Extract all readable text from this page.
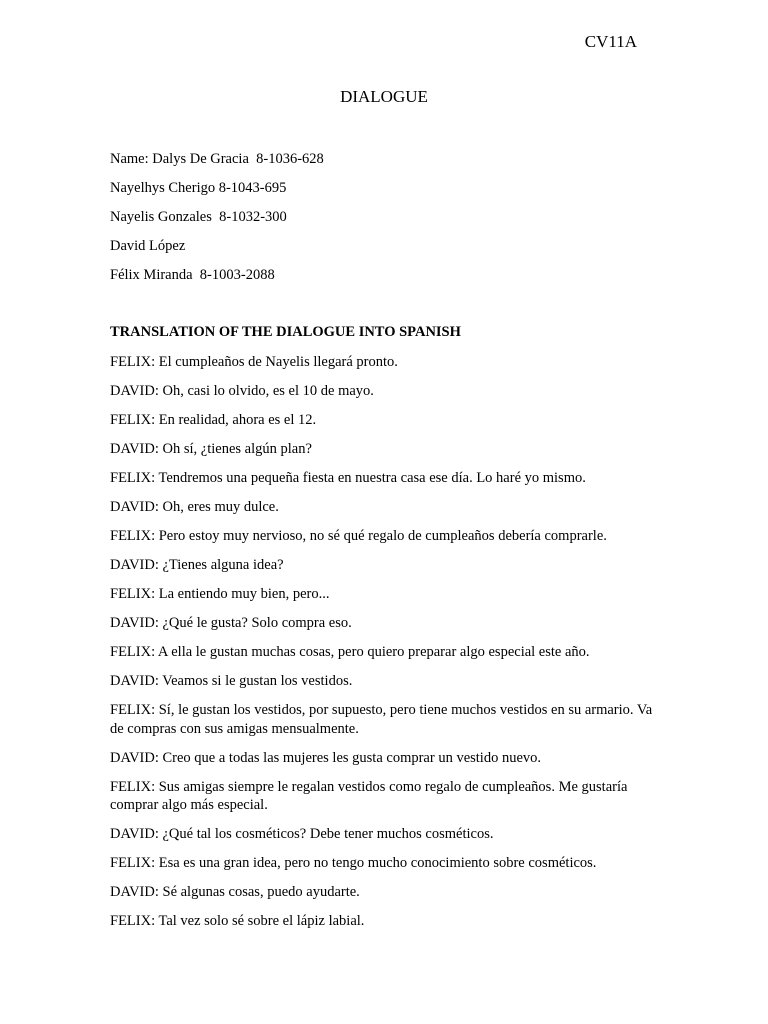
CV11A
DIALOGUE
Name: Dalys De Gracia  8-1036-628
Nayelhys Cherigo 8-1043-695
Nayelis Gonzales  8-1032-300
David López
Félix Miranda  8-1003-2088
TRANSLATION OF THE DIALOGUE INTO SPANISH
FELIX: El cumpleaños de Nayelis llegará pronto.
DAVID: Oh, casi lo olvido, es el 10 de mayo.
FELIX: En realidad, ahora es el 12.
DAVID: Oh sí, ¿tienes algún plan?
FELIX: Tendremos una pequeña fiesta en nuestra casa ese día. Lo haré yo mismo.
DAVID: Oh, eres muy dulce.
FELIX: Pero estoy muy nervioso, no sé qué regalo de cumpleaños debería comprarle.
DAVID: ¿Tienes alguna idea?
FELIX: La entiendo muy bien, pero...
DAVID: ¿Qué le gusta? Solo compra eso.
FELIX: A ella le gustan muchas cosas, pero quiero preparar algo especial este año.
DAVID: Veamos si le gustan los vestidos.
FELIX: Sí, le gustan los vestidos, por supuesto, pero tiene muchos vestidos en su armario. Va de compras con sus amigas mensualmente.
DAVID: Creo que a todas las mujeres les gusta comprar un vestido nuevo.
FELIX: Sus amigas siempre le regalan vestidos como regalo de cumpleaños. Me gustaría comprar algo más especial.
DAVID: ¿Qué tal los cosméticos? Debe tener muchos cosméticos.
FELIX: Esa es una gran idea, pero no tengo mucho conocimiento sobre cosméticos.
DAVID: Sé algunas cosas, puedo ayudarte.
FELIX: Tal vez solo sé sobre el lápiz labial.
